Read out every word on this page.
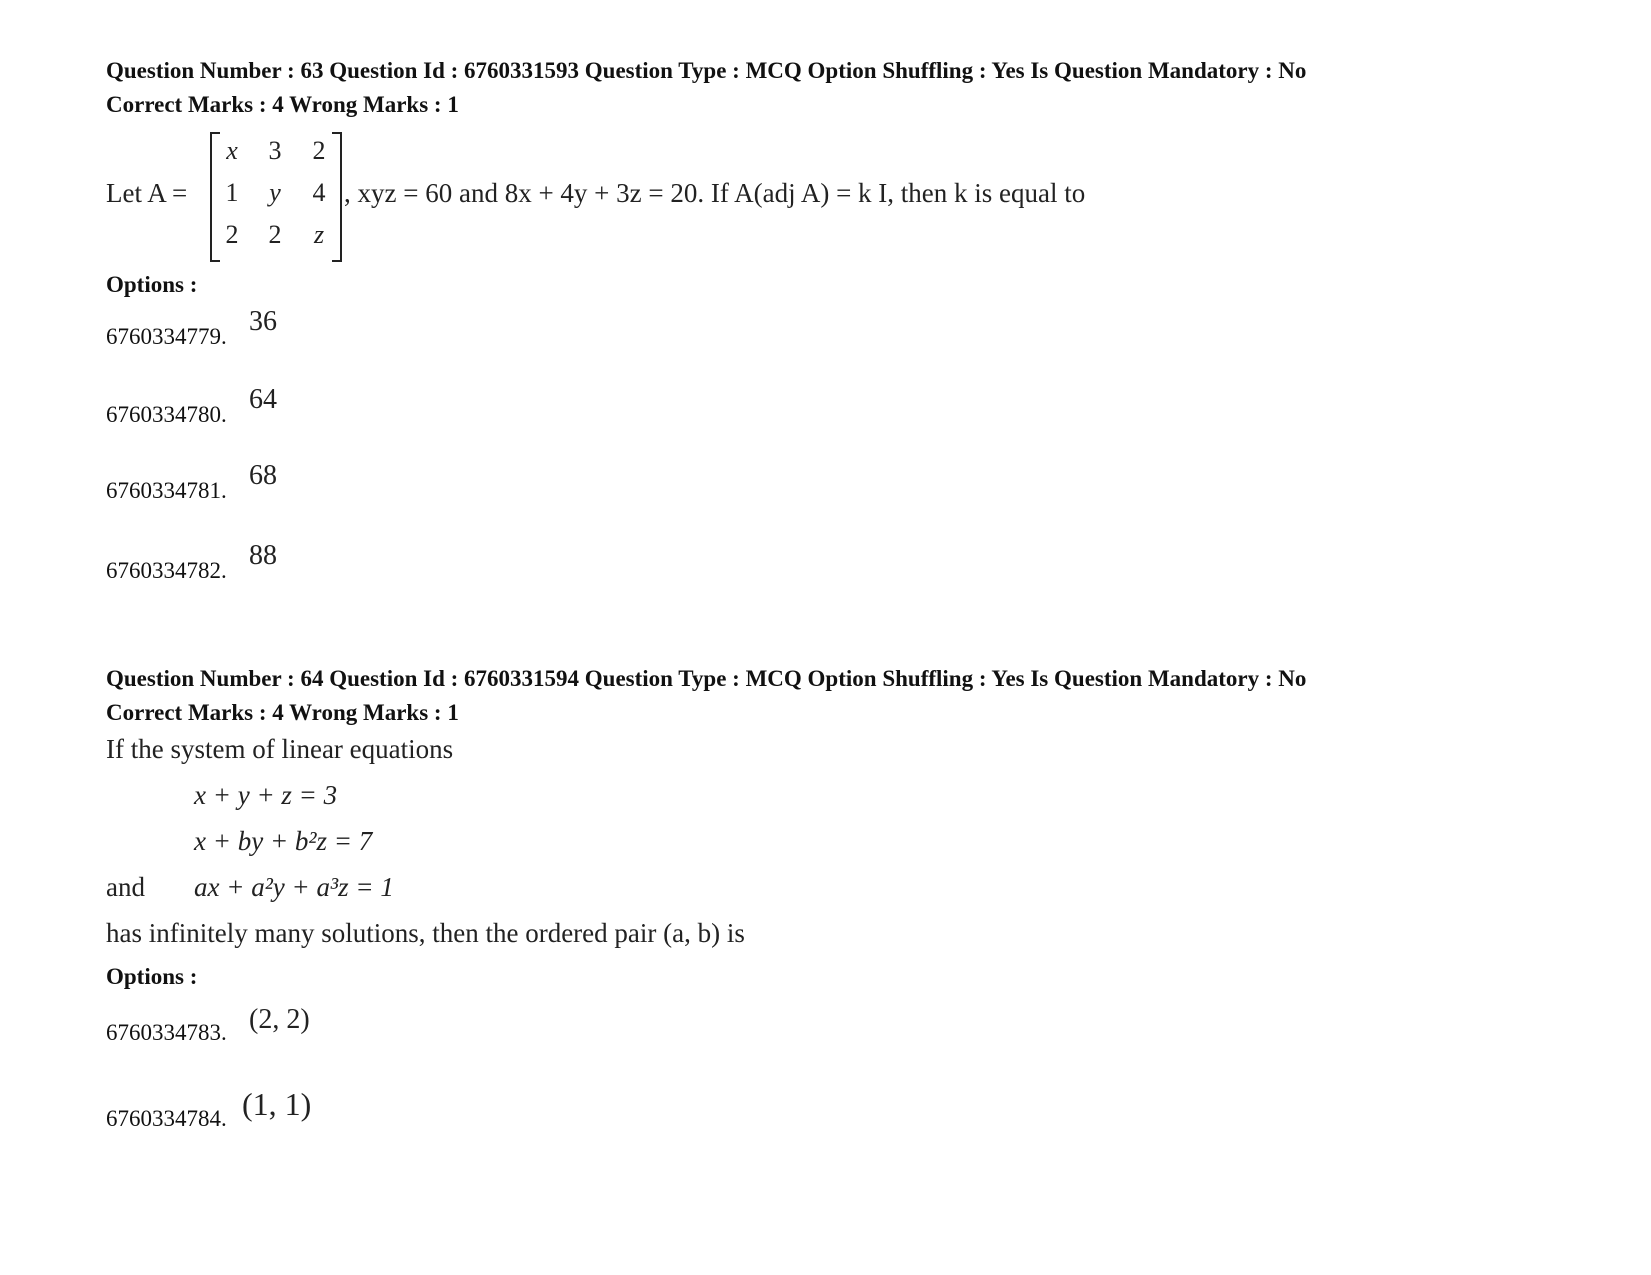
Question Number : 63 Question Id : 6760331593 Question Type : MCQ Option Shuffling : Yes Is Question Mandatory : No
Correct Marks : 4 Wrong Marks : 1
Let A =
x 3 2
1 y 4
2 2 z
, xyz = 60 and 8x + 4y + 3z = 20. If A(adj A) = k I, then k is equal to
Options :
6760334779. 36
6760334780. 64
6760334781. 68
6760334782. 88
Question Number : 64 Question Id : 6760331594 Question Type : MCQ Option Shuffling : Yes Is Question Mandatory : No
Correct Marks : 4 Wrong Marks : 1
If the system of linear equations
x + y + z = 3
x + by + b²z = 7
and ax + a²y + a³z = 1
has infinitely many solutions, then the ordered pair (a, b) is
Options :
6760334783. (2, 2)
6760334784. (1, 1)
